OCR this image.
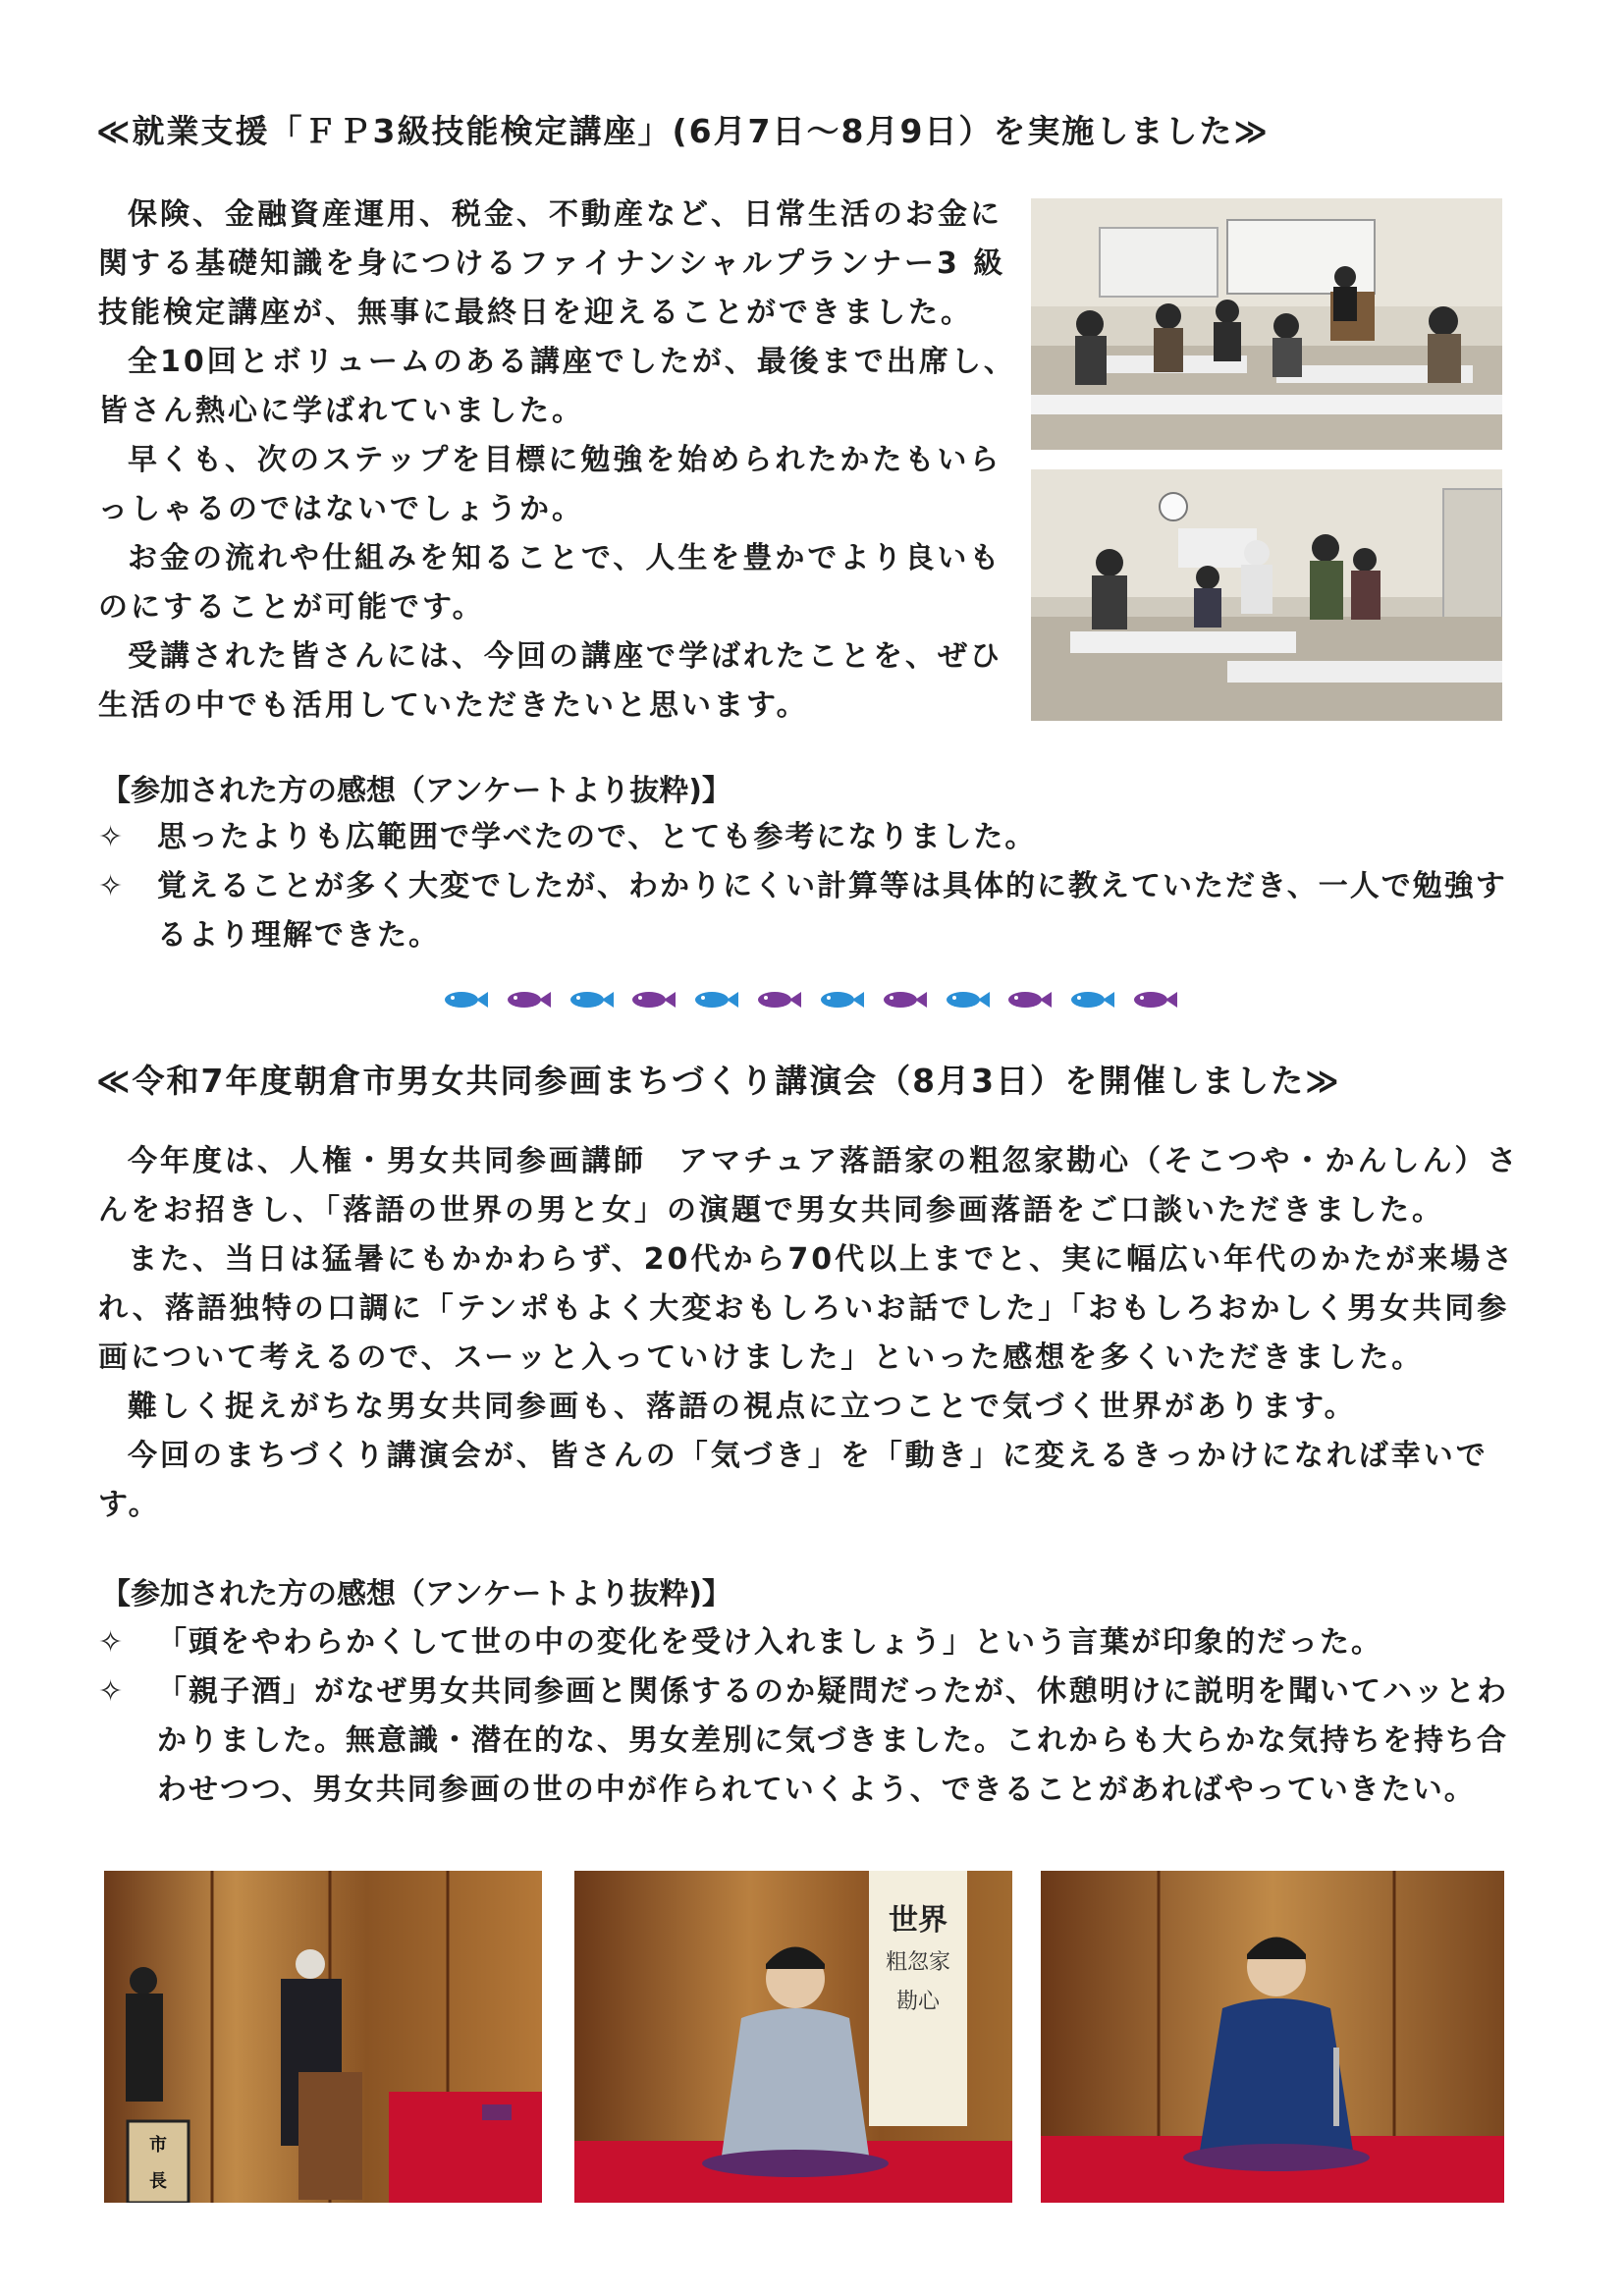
≪就業支援「ＦＰ3級技能検定講座」(6月7日～8月9日）を実施しました≫

保険、金融資産運用、税金、不動産など、日常生活のお金に関する基礎知識を身につけるファイナンシャルプランナー3 級技能検定講座が、無事に最終日を迎えることができました。

全10回とボリュームのある講座でしたが、最後まで出席し、皆さん熱心に学ばれていました。

早くも、次のステップを目標に勉強を始められたかたもいらっしゃるのではないでしょうか。

お金の流れや仕組みを知ることで、人生を豊かでより良いものにすることが可能です。

受講された皆さんには、今回の講座で学ばれたことを、ぜひ生活の中でも活用していただきたいと思います。

【参加された方の感想（アンケートより抜粋)】
✧ 思ったよりも広範囲で学べたので、とても参考になりました。
✧ 覚えることが多く大変でしたが、わかりにくい計算等は具体的に教えていただき、一人で勉強するより理解できた。
≪令和7年度朝倉市男女共同参画まちづくり講演会（8月3日）を開催しました≫

今年度は、人権・男女共同参画講師　アマチュア落語家の粗忽家勘心（そこつや・かんしん）さんをお招きし、「落語の世界の男と女」の演題で男女共同参画落語をご口談いただきました。

また、当日は猛暑にもかかわらず、20代から70代以上までと、実に幅広い年代のかたが来場され、落語独特の口調に「テンポもよく大変おもしろいお話でした」「おもしろおかしく男女共同参画について考えるので、スーッと入っていけました」といった感想を多くいただきました。

難しく捉えがちな男女共同参画も、落語の視点に立つことで気づく世界があります。

今回のまちづくり講演会が、皆さんの「気づき」を「動き」に変えるきっかけになれば幸いです。

【参加された方の感想（アンケートより抜粋)】
✧ 「頭をやわらかくして世の中の変化を受け入れましょう」という言葉が印象的だった。
✧ 「親子酒」がなぜ男女共同参画と関係するのか疑問だったが、休憩明けに説明を聞いてハッとわかりました。無意識・潜在的な、男女差別に気づきました。これからも大らかな気持ちを持ち合わせつつ、男女共同参画の世の中が作られていくよう、できることがあればやっていきたい。
市
長
世界
粗忽家
勘心
